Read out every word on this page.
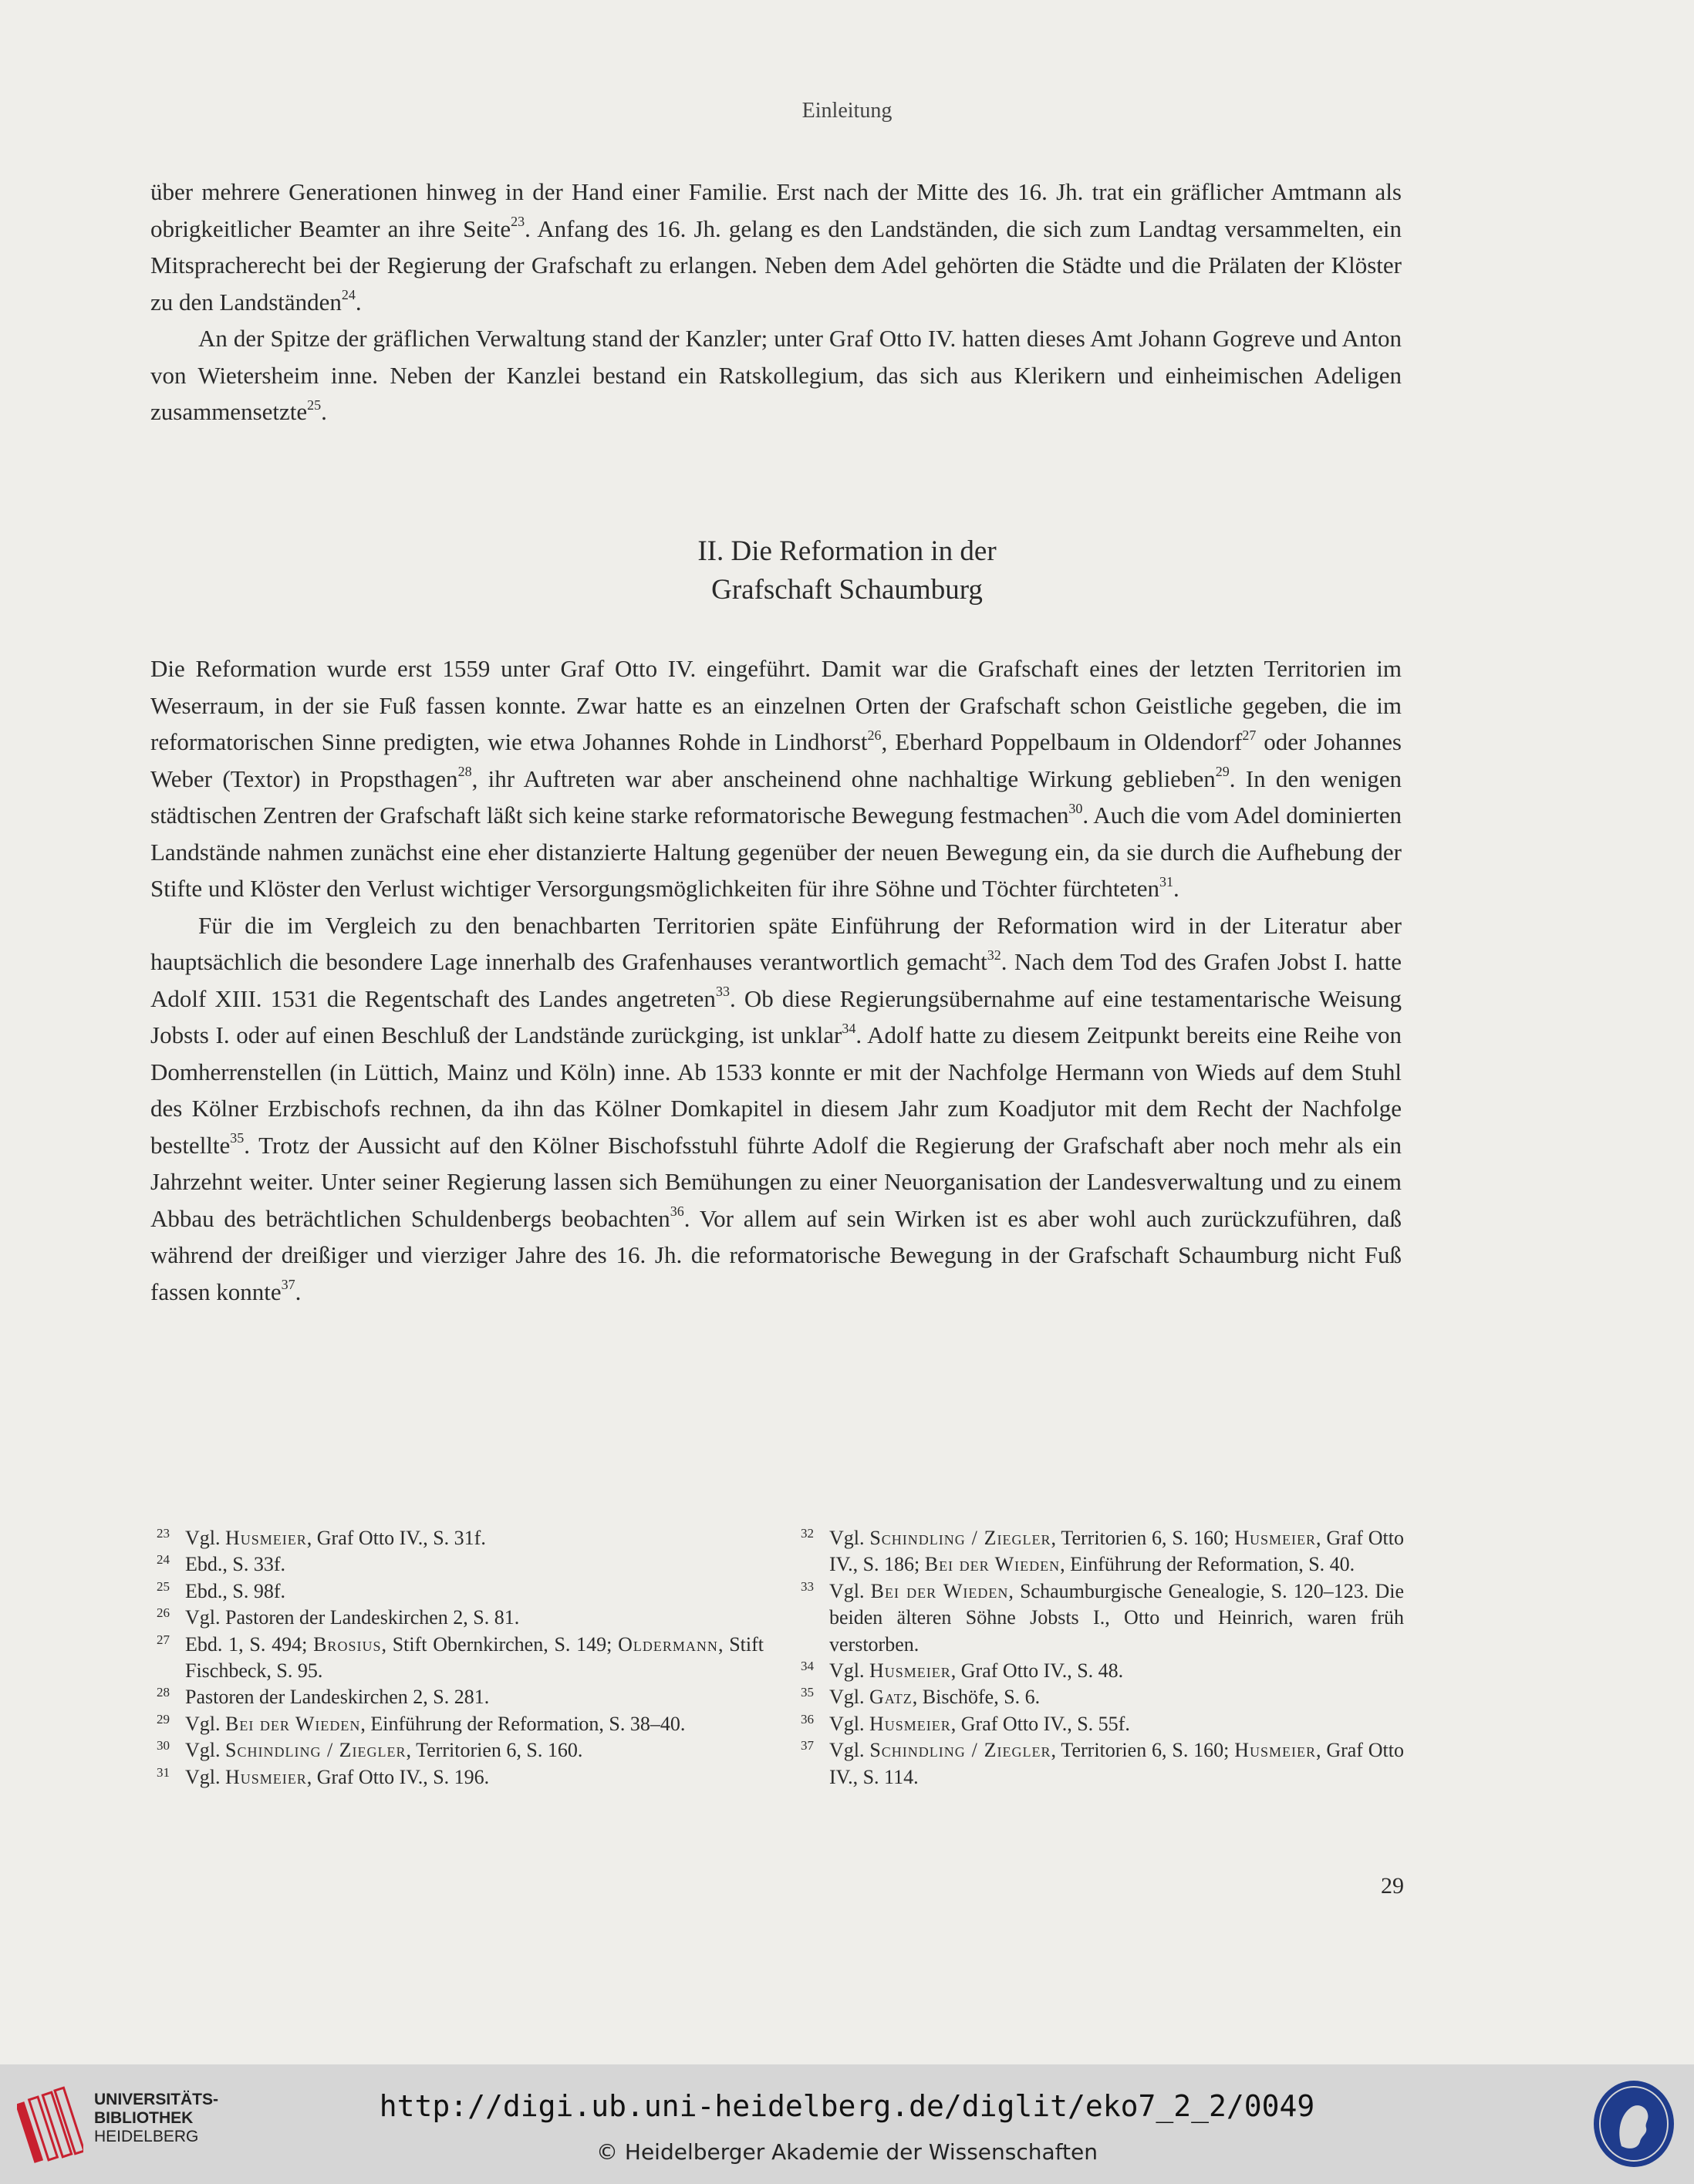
Einleitung

über mehrere Generationen hinweg in der Hand einer Familie. Erst nach der Mitte des 16. Jh. trat ein gräflicher Amtmann als obrigkeitlicher Beamter an ihre Seite$^{23}$. Anfang des 16. Jh. gelang es den Landständen, die sich zum Landtag versammelten, ein Mitspracherecht bei der Regierung der Grafschaft zu erlangen. Neben dem Adel gehörten die Städte und die Prälaten der Klöster zu den Landständen$^{24}$.

An der Spitze der gräflichen Verwaltung stand der Kanzler; unter Graf Otto IV. hatten dieses Amt Johann Gogreve und Anton von Wietersheim inne. Neben der Kanzlei bestand ein Ratskollegium, das sich aus Klerikern und einheimischen Adeligen zusammensetzte$^{25}$.

II. Die Reformation in der
Grafschaft Schaumburg

Die Reformation wurde erst 1559 unter Graf Otto IV. eingeführt. Damit war die Grafschaft eines der letzten Territorien im Weserraum, in der sie Fuß fassen konnte. Zwar hatte es an einzelnen Orten der Grafschaft schon Geistliche gegeben, die im reformatorischen Sinne predigten, wie etwa Johannes Rohde in Lindhorst$^{26}$, Eberhard Poppelbaum in Oldendorf$^{27}$ oder Johannes Weber (Textor) in Propsthagen$^{28}$, ihr Auftreten war aber anscheinend ohne nachhaltige Wirkung geblieben$^{29}$. In den wenigen städtischen Zentren der Grafschaft läßt sich keine starke reformatorische Bewegung festmachen$^{30}$. Auch die vom Adel dominierten Landstände nahmen zunächst eine eher distanzierte Haltung gegenüber der neuen Bewegung ein, da sie durch die Aufhebung der Stifte und Klöster den Verlust wichtiger Versorgungsmöglichkeiten für ihre Söhne und Töchter fürchteten$^{31}$.

Für die im Vergleich zu den benachbarten Territorien späte Einführung der Reformation wird in der Literatur aber hauptsächlich die besondere Lage innerhalb des Grafenhauses verantwortlich gemacht$^{32}$. Nach dem Tod des Grafen Jobst I. hatte Adolf XIII. 1531 die Regentschaft des Landes angetreten$^{33}$. Ob diese Regierungsübernahme auf eine testamentarische Weisung Jobsts I. oder auf einen Beschluß der Landstände zurückging, ist unklar$^{34}$. Adolf hatte zu diesem Zeitpunkt bereits eine Reihe von Domherrenstellen (in Lüttich, Mainz und Köln) inne. Ab 1533 konnte er mit der Nachfolge Hermann von Wieds auf dem Stuhl des Kölner Erzbischofs rechnen, da ihn das Kölner Domkapitel in diesem Jahr zum Koadjutor mit dem Recht der Nachfolge bestellte$^{35}$. Trotz der Aussicht auf den Kölner Bischofsstuhl führte Adolf die Regierung der Grafschaft aber noch mehr als ein Jahrzehnt weiter. Unter seiner Regierung lassen sich Bemühungen zu einer Neuorganisation der Landesverwaltung und zu einem Abbau des beträchtlichen Schuldenbergs beobachten$^{36}$. Vor allem auf sein Wirken ist es aber wohl auch zurückzuführen, daß während der dreißiger und vierziger Jahre des 16. Jh. die reformatorische Bewegung in der Grafschaft Schaumburg nicht Fuß fassen konnte$^{37}$.

23 Vgl. Husmeier, Graf Otto IV., S. 31f.
24 Ebd., S. 33f.
25 Ebd., S. 98f.
26 Vgl. Pastoren der Landeskirchen 2, S. 81.
27 Ebd. 1, S. 494; Brosius, Stift Obernkirchen, S. 149; Oldermann, Stift Fischbeck, S. 95.
28 Pastoren der Landeskirchen 2, S. 281.
29 Vgl. Bei der Wieden, Einführung der Reformation, S. 38–40.
30 Vgl. Schindling / Ziegler, Territorien 6, S. 160.
31 Vgl. Husmeier, Graf Otto IV., S. 196.
32 Vgl. Schindling / Ziegler, Territorien 6, S. 160; Husmeier, Graf Otto IV., S. 186; Bei der Wieden, Einführung der Reformation, S. 40.
33 Vgl. Bei der Wieden, Schaumburgische Genealogie, S. 120–123. Die beiden älteren Söhne Jobsts I., Otto und Heinrich, waren früh verstorben.
34 Vgl. Husmeier, Graf Otto IV., S. 48.
35 Vgl. Gatz, Bischöfe, S. 6.
36 Vgl. Husmeier, Graf Otto IV., S. 55f.
37 Vgl. Schindling / Ziegler, Territorien 6, S. 160; Husmeier, Graf Otto IV., S. 114.
29
UNIVERSITÄTS-
BIBLIOTHEK
HEIDELBERG
http://digi.ub.uni-heidelberg.de/diglit/eko7_2_2/0049
© Heidelberger Akademie der Wissenschaften
